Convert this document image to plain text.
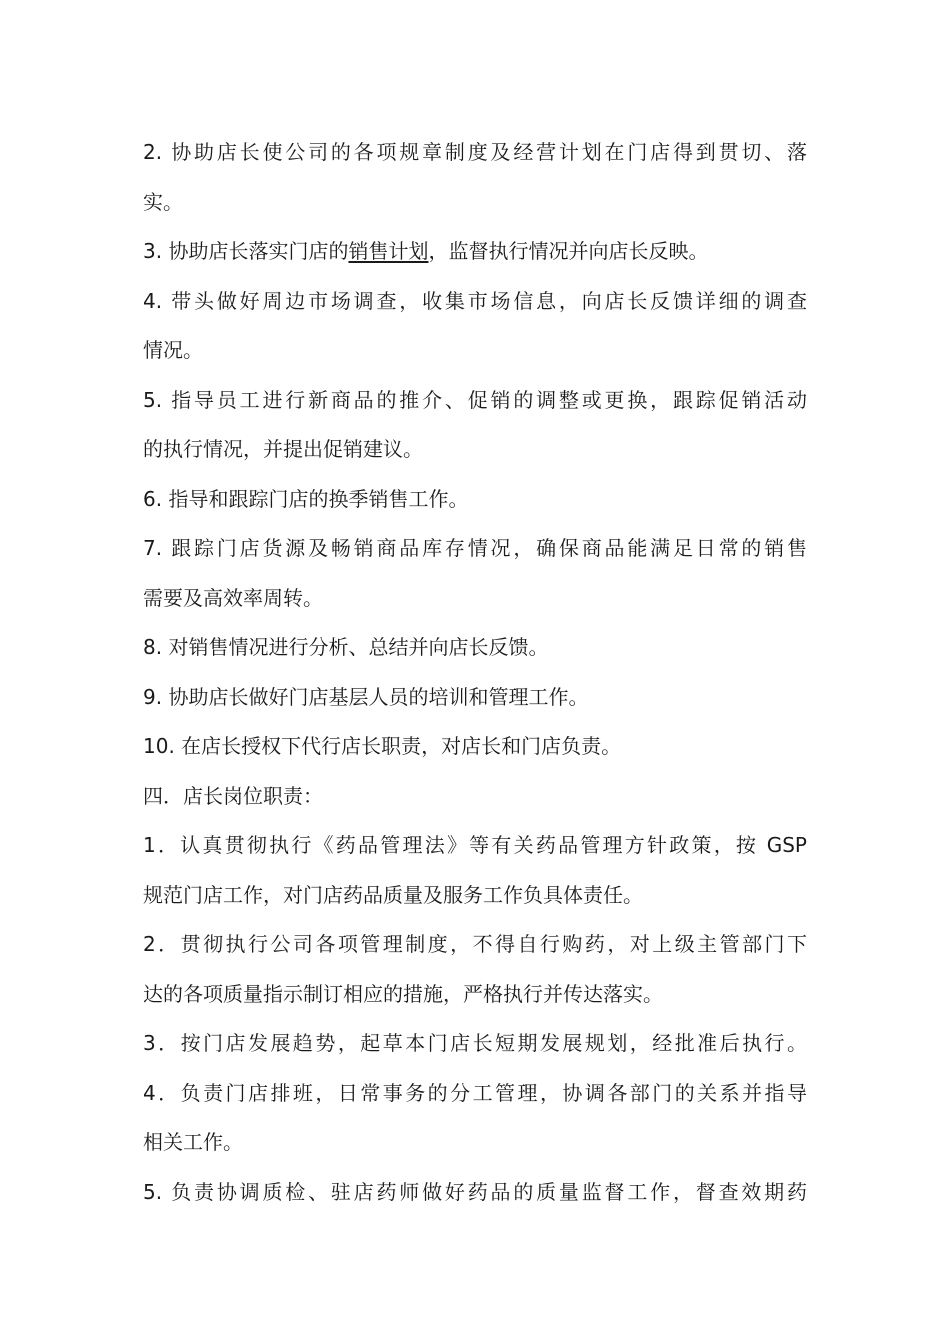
2. 协助店长使公司的各项规章制度及经营计划在门店得到贯切、落
实。
3. 协助店长落实门店的销售计划，监督执行情况并向店长反映。
4. 带头做好周边市场调查，收集市场信息，向店长反馈详细的调查
情况。
5. 指导员工进行新商品的推介、促销的调整或更换，跟踪促销活动
的执行情况，并提出促销建议。
6. 指导和跟踪门店的换季销售工作。
7. 跟踪门店货源及畅销商品库存情况，确保商品能满足日常的销售
需要及高效率周转。
8. 对销售情况进行分析、总结并向店长反馈。
9. 协助店长做好门店基层人员的培训和管理工作。
10. 在店长授权下代行店长职责，对店长和门店负责。
四．店长岗位职责：
1．认真贯彻执行《药品管理法》等有关药品管理方针政策，按 GSP
规范门店工作，对门店药品质量及服务工作负具体责任。
2．贯彻执行公司各项管理制度，不得自行购药，对上级主管部门下
达的各项质量指示制订相应的措施，严格执行并传达落实。
3．按门店发展趋势，起草本门店长短期发展规划，经批准后执行。
4．负责门店排班，日常事务的分工管理，协调各部门的关系并指导
相关工作。
5. 负责协调质检、驻店药师做好药品的质量监督工作，督查效期药
